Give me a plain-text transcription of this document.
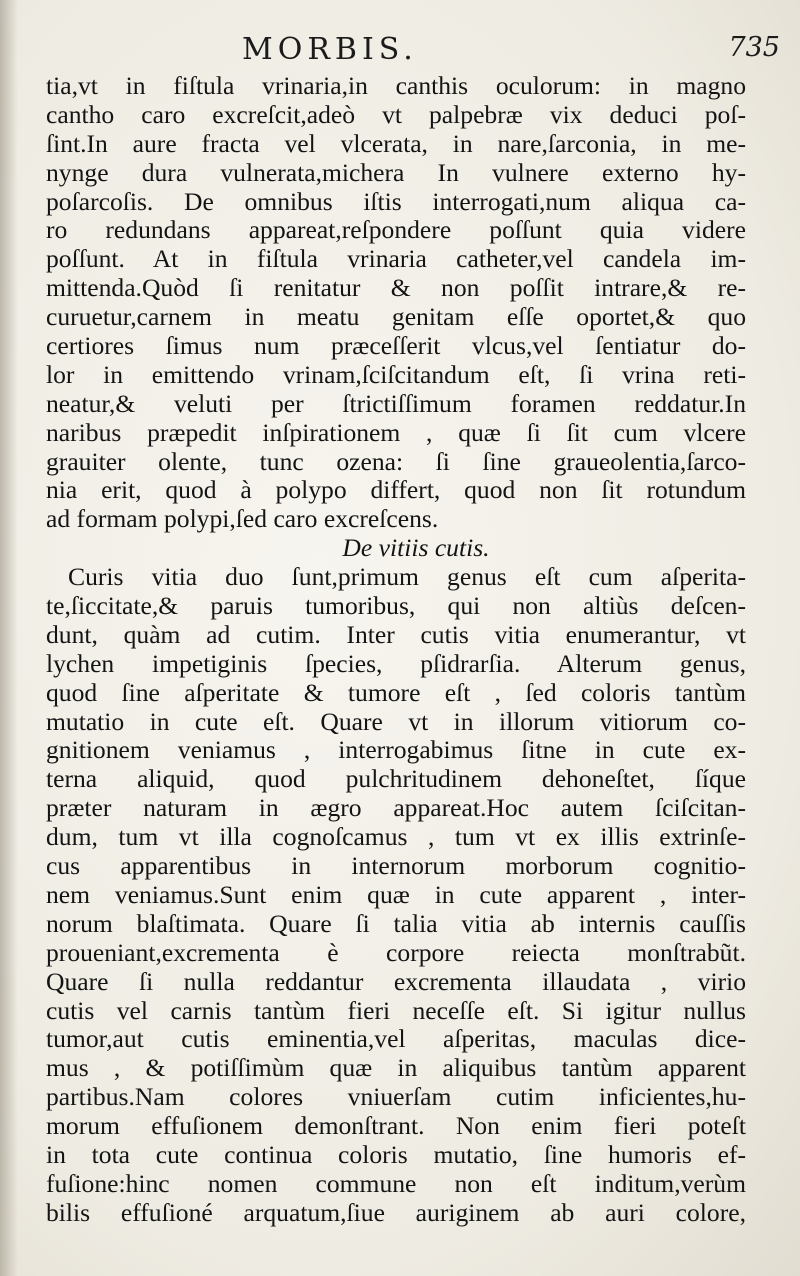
MORBIS.	735
tia,vt in fiſtula vrinaria,in canthis oculorum: in magno
cantho caro excreſcit,adeò vt palpebræ vix deduci poſ-
ſint.In aure fracta vel vlcerata, in nare,ſarconia, in me-
nynge dura vulnerata,michera In vulnere externo hy-
poſarcoſis. De omnibus iſtis interrogati,num aliqua ca-
ro redundans appareat,reſpondere poſſunt quia videre
poſſunt. At in fiſtula vrinaria catheter,vel candela im-
mittenda.Quòd ſi renitatur & non poſſit intrare,& re-
curuetur,carnem in meatu genitam eſſe oportet,& quo
certiores ſimus num præceſſerit vlcus,vel ſentiatur do-
lor in emittendo vrinam,ſciſcitandum eſt, ſi vrina reti-
neatur,& veluti per ſtrictiſſimum foramen reddatur.In
naribus præpedit inſpirationem , quæ ſi ſit cum vlcere
grauiter olente, tunc ozena: ſi ſine graueolentia,ſarco-
nia erit, quod à polypo differt, quod non ſit rotundum
ad formam polypi,ſed caro excreſcens.
De vitiis cutis.
Curis vitia duo ſunt,primum genus eſt cum aſperita-
te,ſiccitate,& paruis tumoribus, qui non altiùs deſcen-
dunt, quàm ad cutim. Inter cutis vitia enumerantur, vt
lychen impetiginis ſpecies, pſidrarſia. Alterum genus,
quod ſine aſperitate & tumore eſt , ſed coloris tantùm
mutatio in cute eſt. Quare vt in illorum vitiorum co-
gnitionem veniamus , interrogabimus ſitne in cute ex-
terna aliquid, quod pulchritudinem dehoneſtet, ſíque
præter naturam in ægro appareat.Hoc autem ſciſcitan-
dum, tum vt illa cognoſcamus , tum vt ex illis extrinſe-
cus apparentibus in internorum morborum cognitio-
nem veniamus.Sunt enim quæ in cute apparent , inter-
norum blaſtimata. Quare ſi talia vitia ab internis cauſſis
proueniant,excrementa è corpore reiecta monſtrabũt.
Quare ſi nulla reddantur excrementa illaudata , virio
cutis vel carnis tantùm fieri neceſſe eſt. Si igitur nullus
tumor,aut cutis eminentia,vel aſperitas, maculas dice-
mus , & potiſſimùm quæ in aliquibus tantùm apparent
partibus.Nam colores vniuerſam cutim inficientes,hu-
morum effuſionem demonſtrant. Non enim fieri poteſt
in tota cute continua coloris mutatio, ſine humoris ef-
fuſione:hinc nomen commune non eſt inditum,verùm
bilis effuſioné arquatum,ſiue auriginem ab auri colore,
